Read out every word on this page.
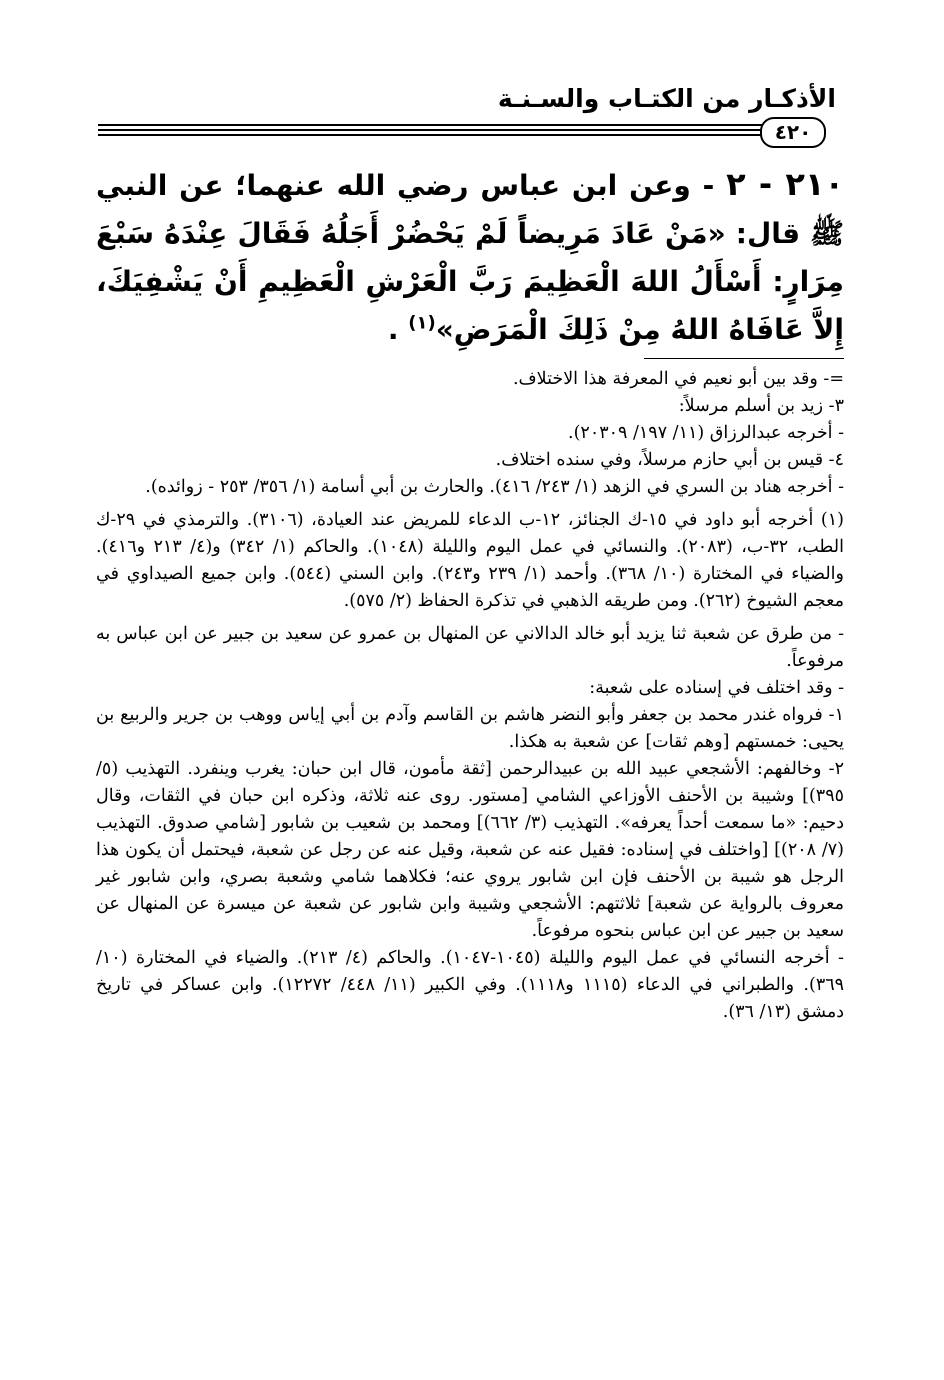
الأذكـار من الكتـاب والسـنـة
٤٢٠

٢١٠ - ٢ - وعن ابن عباس رضي الله عنهما؛ عن النبي ﷺ قال: «مَنْ عَادَ مَرِيضاً لَمْ يَحْضُرْ أَجَلُهُ فَقَالَ عِنْدَهُ سَبْعَ مِرَارٍ: أَسْأَلُ اللهَ الْعَظِيمَ رَبَّ الْعَرْشِ الْعَظِيمِ أَنْ يَشْفِيَكَ، إِلاَّ عَافَاهُ اللهُ مِنْ ذَلِكَ الْمَرَضِ»$^{(١)}$ .

=- وقد بين أبو نعيم في المعرفة هذا الاختلاف.

٣- زيد بن أسلم مرسلاً:

- أخرجه عبدالرزاق (١١/ ١٩٧/ ٢٠٣٠٩).

٤- قيس بن أبي حازم مرسلاً، وفي سنده اختلاف.

- أخرجه هناد بن السري في الزهد (١/ ٢٤٣/ ٤١٦). والحارث بن أبي أسامة (١/ ٣٥٦/ ٢٥٣ - زوائده).

(١) أخرجه أبو داود في ١٥-ك الجنائز، ١٢-ب الدعاء للمريض عند العيادة، (٣١٠٦). والترمذي في ٢٩-ك الطب، ٣٢-ب، (٢٠٨٣). والنسائي في عمل اليوم والليلة (١٠٤٨). والحاكم (١/ ٣٤٢) و(٤/ ٢١٣ و٤١٦). والضياء في المختارة (١٠/ ٣٦٨). وأحمد (١/ ٢٣٩ و٢٤٣). وابن السني (٥٤٤). وابن جميع الصيداوي في معجم الشيوخ (٢٦٢). ومن طريقه الذهبي في تذكرة الحفاظ (٢/ ٥٧٥).

- من طرق عن شعبة ثنا يزيد أبو خالد الدالاني عن المنهال بن عمرو عن سعيد بن جبير عن ابن عباس به مرفوعاً.

- وقد اختلف في إسناده على شعبة:

١- فرواه غندر محمد بن جعفر وأبو النضر هاشم بن القاسم وآدم بن أبي إياس ووهب بن جرير والربيع بن يحيى: خمستهم [وهم ثقات] عن شعبة به هكذا.

٢- وخالفهم: الأشجعي عبيد الله بن عبيدالرحمن [ثقة مأمون، قال ابن حبان: يغرب وينفرد. التهذيب (٥/ ٣٩٥)] وشيبة بن الأحنف الأوزاعي الشامي [مستور. روى عنه ثلاثة، وذكره ابن حبان في الثقات، وقال دحيم: «ما سمعت أحداً يعرفه». التهذيب (٣/ ٦٦٢)] ومحمد بن شعيب بن شابور [شامي صدوق. التهذيب (٧/ ٢٠٨)] [واختلف في إسناده: فقيل عنه عن شعبة، وقيل عنه عن رجل عن شعبة، فيحتمل أن يكون هذا الرجل هو شيبة بن الأحنف فإن ابن شابور يروي عنه؛ فكلاهما شامي وشعبة بصري، وابن شابور غير معروف بالرواية عن شعبة] ثلاثتهم: الأشجعي وشيبة وابن شابور عن شعبة عن ميسرة عن المنهال عن سعيد بن جبير عن ابن عباس بنحوه مرفوعاً.

- أخرجه النسائي في عمل اليوم والليلة (١٠٤٥-١٠٤٧). والحاكم (٤/ ٢١٣). والضياء في المختارة (١٠/ ٣٦٩). والطبراني في الدعاء (١١١٥ و١١١٨). وفي الكبير (١١/ ٤٤٨/ ١٢٢٧٢). وابن عساكر في تاريخ دمشق (١٣/ ٣٦).
